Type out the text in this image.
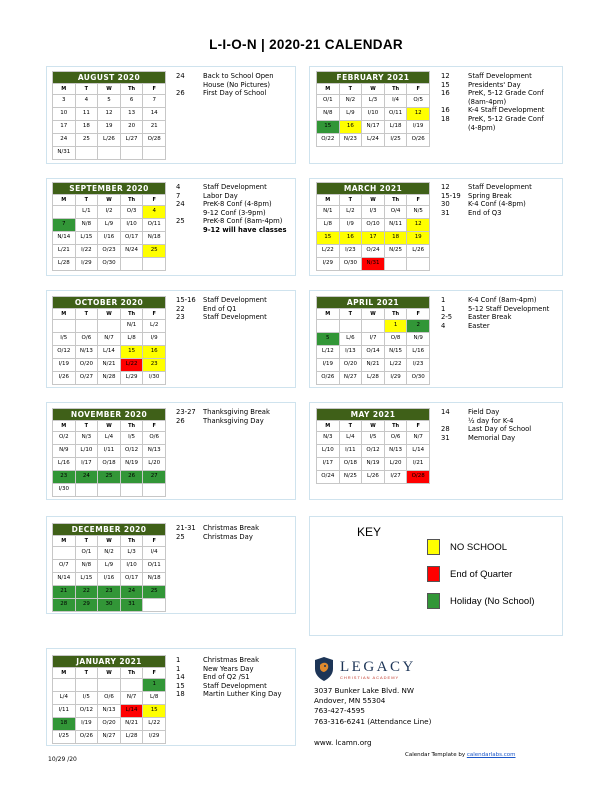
L-I-O-N | 2020-21 CALENDAR
AUGUST 2020				
M	T	W	Th	F
3	4	5	6	7
10	11	12	13	14
17	18	19	20	21
24	25	L/26	L/27	O/28
N/31				
24	Back to School Open
House (No Pictures)
26	First Day of School
SEPTEMBER 2020				
M	T	W	Th	F
	L/1	I/2	O/3	4
7	N/8	L/9	I/10	O/11
N/14	L/15	I/16	O/17	N/18
L/21	I/22	O/23	N/24	25
L/28	I/29	O/30		
4	Staff Development
7	Labor Day
24	PreK-8 Conf (4-8pm)
9-12 Conf (3-9pm)
25	PreK-8 Conf (8am-4pm)
9-12 will have classes
OCTOBER 2020				
M	T	W	Th	F
			N/1	L/2
I/5	O/6	N/7	L/8	I/9
O/12	N/13	L/14	15	16
I/19	O/20	N/21	L/22	23
I/26	O/27	N/28	L/29	I/30
15-16	Staff Development
22	End of Q1
23	Staff Development
NOVEMBER 2020				
M	T	W	Th	F
O/2	N/3	L/4	I/5	O/6
N/9	L/10	I/11	O/12	N/13
L/16	I/17	O/18	N/19	L/20
23	24	25	26	27
I/30				
23-27	Thanksgiving Break
26	Thanksgiving Day
DECEMBER 2020				
M	T	W	Th	F
	O/1	N/2	L/3	I/4
O/7	N/8	L/9	I/10	O/11
N/14	L/15	I/16	O/17	N/18
21	22	23	24	25
28	29	30	31	
21-31	Christmas Break
25	Christmas Day
JANUARY 2021				
M	T	W	Th	F
				1
L/4	I/5	O/6	N/7	L/8
I/11	O/12	N/13	L/14	15
18	I/19	O/20	N/21	L/22
I/25	O/26	N/27	L/28	I/29
1	Christmas Break
1	New Years Day
14	End of Q2 /S1
15	Staff Development
18	Martin Luther King Day
FEBRUARY 2021				
M	T	W	Th	F
O/1	N/2	L/3	I/4	O/5
N/8	L/9	I/10	O/11	12
15	16	N/17	L/18	I/19
O/22	N/23	L/24	I/25	O/26
12	Staff Development
15	Presidents' Day
16	PreK, 5-12 Grade Conf
(8am-4pm)
16	K-4 Staff Development
18	PreK, 5-12 Grade Conf
(4-8pm)
MARCH 2021				
M	T	W	Th	F
N/1	L/2	I/3	O/4	N/5
L/8	I/9	O/10	N/11	12
15	16	17	18	19
L/22	I/23	O/24	N/25	L/26
I/29	O/30	N/31		
12	Staff Development
15-19	Spring Break
30	K-4 Conf (4-8pm)
31	End of Q3
APRIL 2021				
M	T	W	Th	F
			1	2
5	L/6	I/7	O/8	N/9
L/12	I/13	O/14	N/15	L/16
I/19	O/20	N/21	L/22	I/23
O/26	N/27	L/28	I/29	O/30
1	K-4 Conf (8am-4pm)
1	5-12 Staff Development
2-5	Easter Break
4	Easter
MAY 2021				
M	T	W	Th	F
N/3	L/4	I/5	O/6	N/7
L/10	I/11	O/12	N/13	L/14
I/17	O/18	N/19	L/20	I/21
O/24	N/25	L/26	I/27	O/28
14	Field Day
½ day for K-4
28	Last Day of School
31	Memorial Day
KEY
NO SCHOOL
End of Quarter
Holiday (No School)
LEGACY
CHRISTIAN ACADEMY
3037 Bunker Lake Blvd. NW
Andover, MN 55304
763-427-4595
763-316-6241 (Attendance Line)
www. lcamn.org
Calendar Template by calendarlabs.com
10/29 /20
